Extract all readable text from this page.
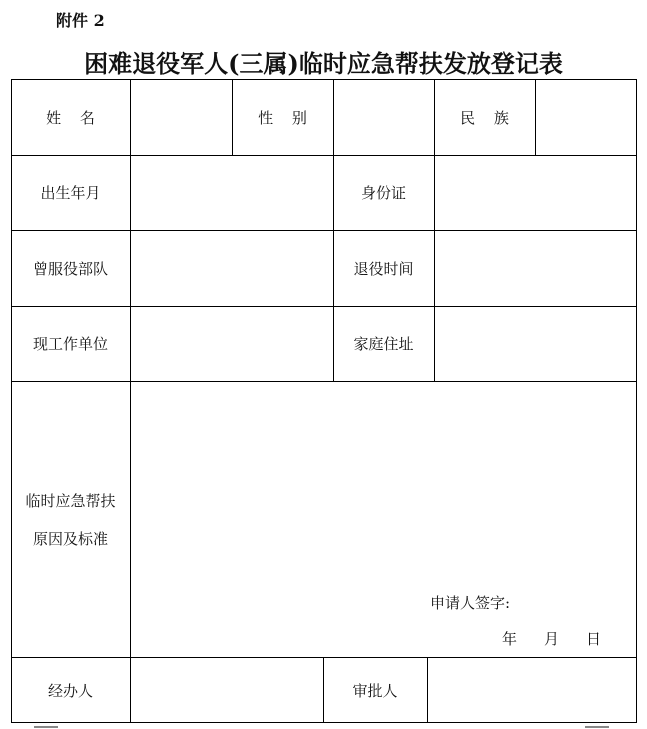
附件 2
困难退役军人(三属)临时应急帮扶发放登记表
姓 名	性 别	民 族
出生年月	身份证
曾服役部队	退役时间
现工作单位	家庭住址
临时应急帮扶
原因及标准
申请人签字:
年 月 日
经办人	审批人
